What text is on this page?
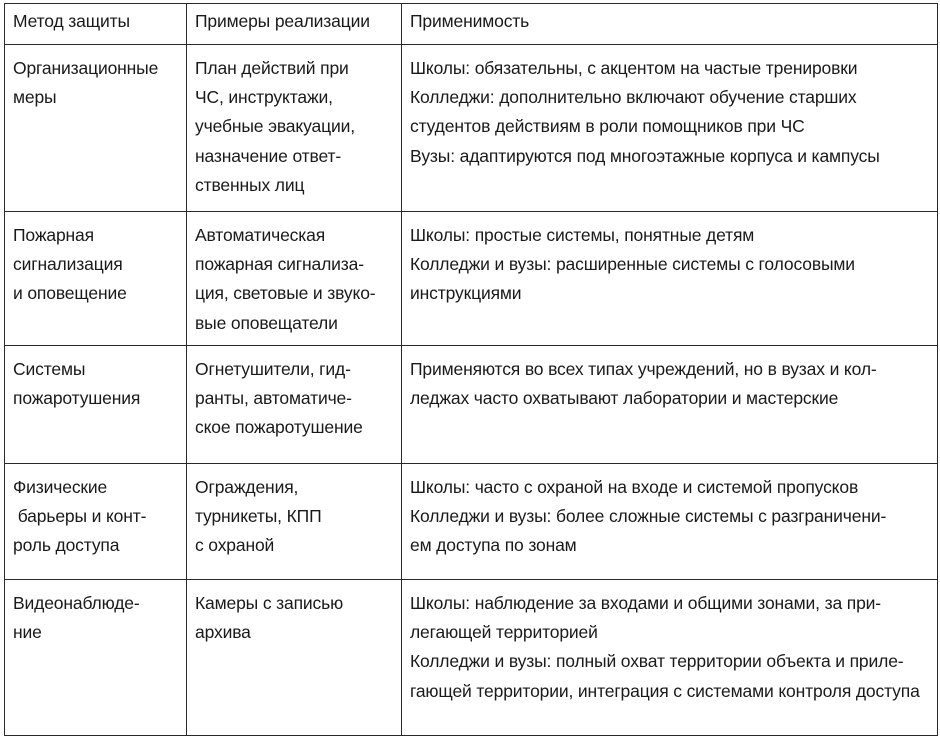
Метод защиты	Примеры реализации	Применимость

Организационные
меры	План действий при
ЧС, инструктажи,
учебные эвакуации,
назначение ответ-
ственных лиц	Школы: обязательны, с акцентом на частые тренировки
Колледжи: дополнительно включают обучение старших
студентов действиям в роли помощников при ЧС
Вузы: адаптируются под многоэтажные корпуса и кампусы

Пожарная
сигнализация
и оповещение	Автоматическая
пожарная сигнализа-
ция, световые и звуко-
вые оповещатели	Школы: простые системы, понятные детям
Колледжи и вузы: расширенные системы с голосовыми
инструкциями

Системы
пожаротушения	Огнетушители, гид-
ранты, автоматиче-
ское пожаротушение	Применяются во всех типах учреждений, но в вузах и кол-
леджах часто охватывают лаборатории и мастерские

Физические
барьеры и конт-
роль доступа	Ограждения,
турникеты, КПП
с охраной	Школы: часто с охраной на входе и системой пропусков
Колледжи и вузы: более сложные системы с разграничени-
ем доступа по зонам

Видеонаблюде-
ние	Камеры с записью
архива	Школы: наблюдение за входами и общими зонами, за при-
легающей территорией
Колледжи и вузы: полный охват территории объекта и приле-
гающей территории, интеграция с системами контроля доступа
